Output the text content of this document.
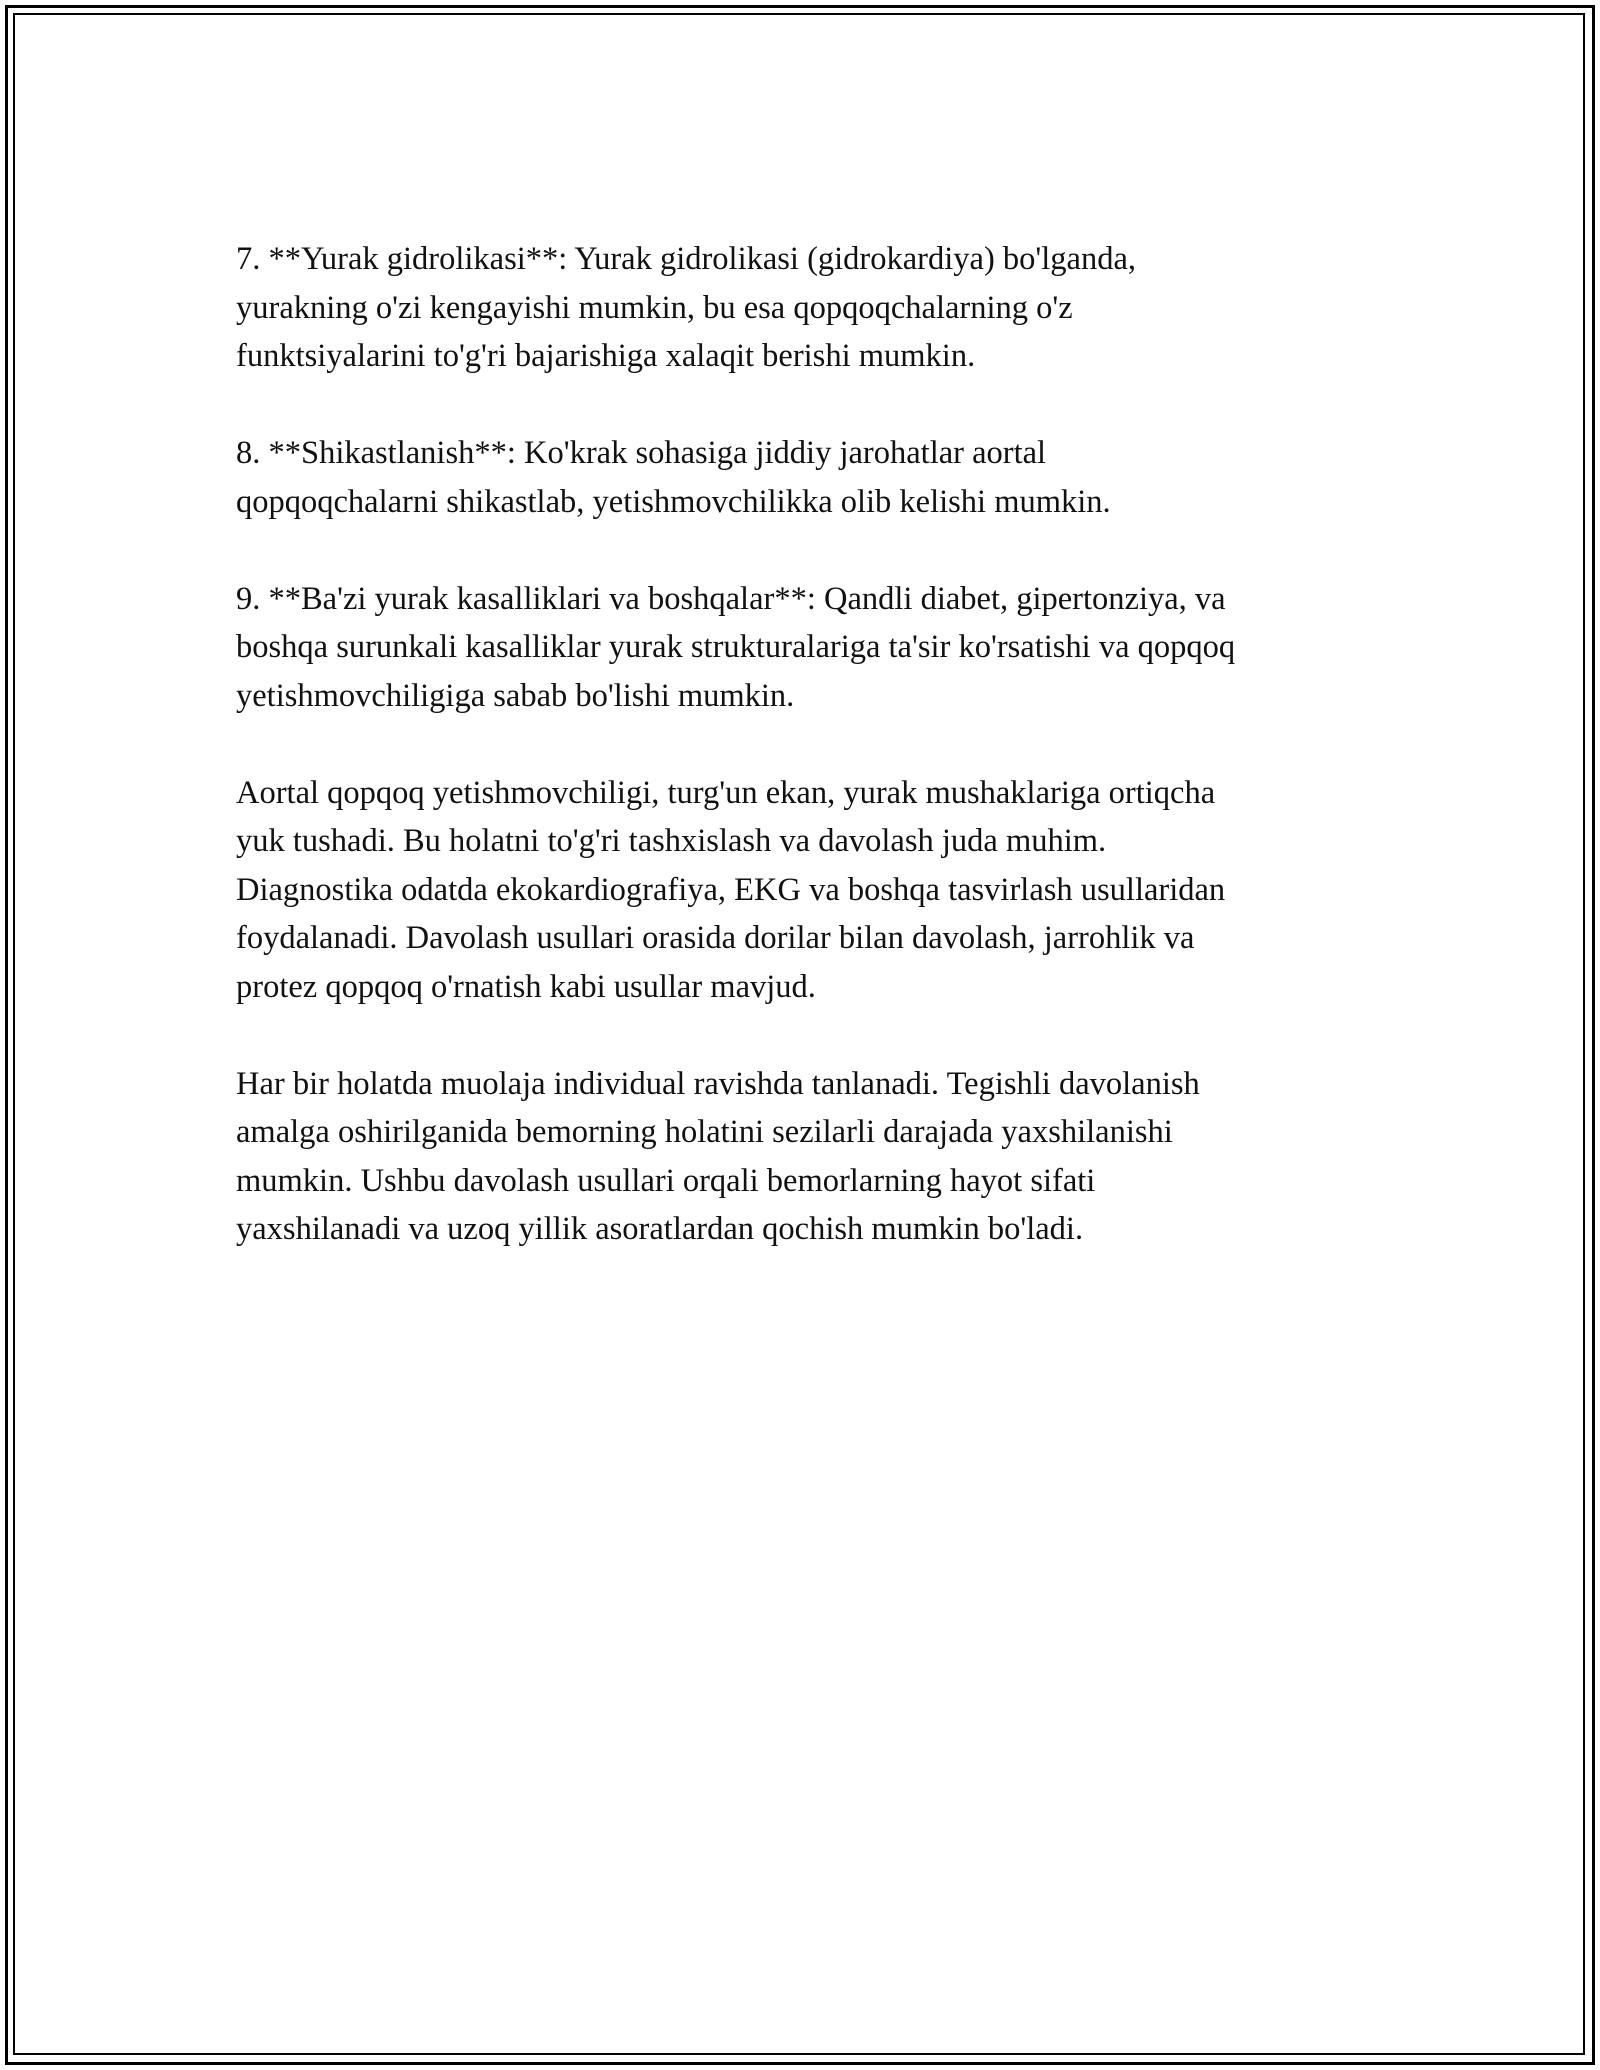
7. **Yurak gidrolikasi**: Yurak gidrolikasi (gidrokardiya) bo'lganda,
yurakning o'zi kengayishi mumkin, bu esa qopqoqchalarning o'z
funktsiyalarini to'g'ri bajarishiga xalaqit berishi mumkin.

8. **Shikastlanish**: Ko'krak sohasiga jiddiy jarohatlar aortal
qopqoqchalarni shikastlab, yetishmovchilikka olib kelishi mumkin.

9. **Ba'zi yurak kasalliklari va boshqalar**: Qandli diabet, gipertonziya, va
boshqa surunkali kasalliklar yurak strukturalariga ta'sir ko'rsatishi va qopqoq
yetishmovchiligiga sabab bo'lishi mumkin.

Aortal qopqoq yetishmovchiligi, turg'un ekan, yurak mushaklariga ortiqcha
yuk tushadi. Bu holatni to'g'ri tashxislash va davolash juda muhim.
Diagnostika odatda ekokardiografiya, EKG va boshqa tasvirlash usullaridan
foydalanadi. Davolash usullari orasida dorilar bilan davolash, jarrohlik va
protez qopqoq o'rnatish kabi usullar mavjud.

Har bir holatda muolaja individual ravishda tanlanadi. Tegishli davolanish
amalga oshirilganida bemorning holatini sezilarli darajada yaxshilanishi
mumkin. Ushbu davolash usullari orqali bemorlarning hayot sifati
yaxshilanadi va uzoq yillik asoratlardan qochish mumkin bo'ladi.
